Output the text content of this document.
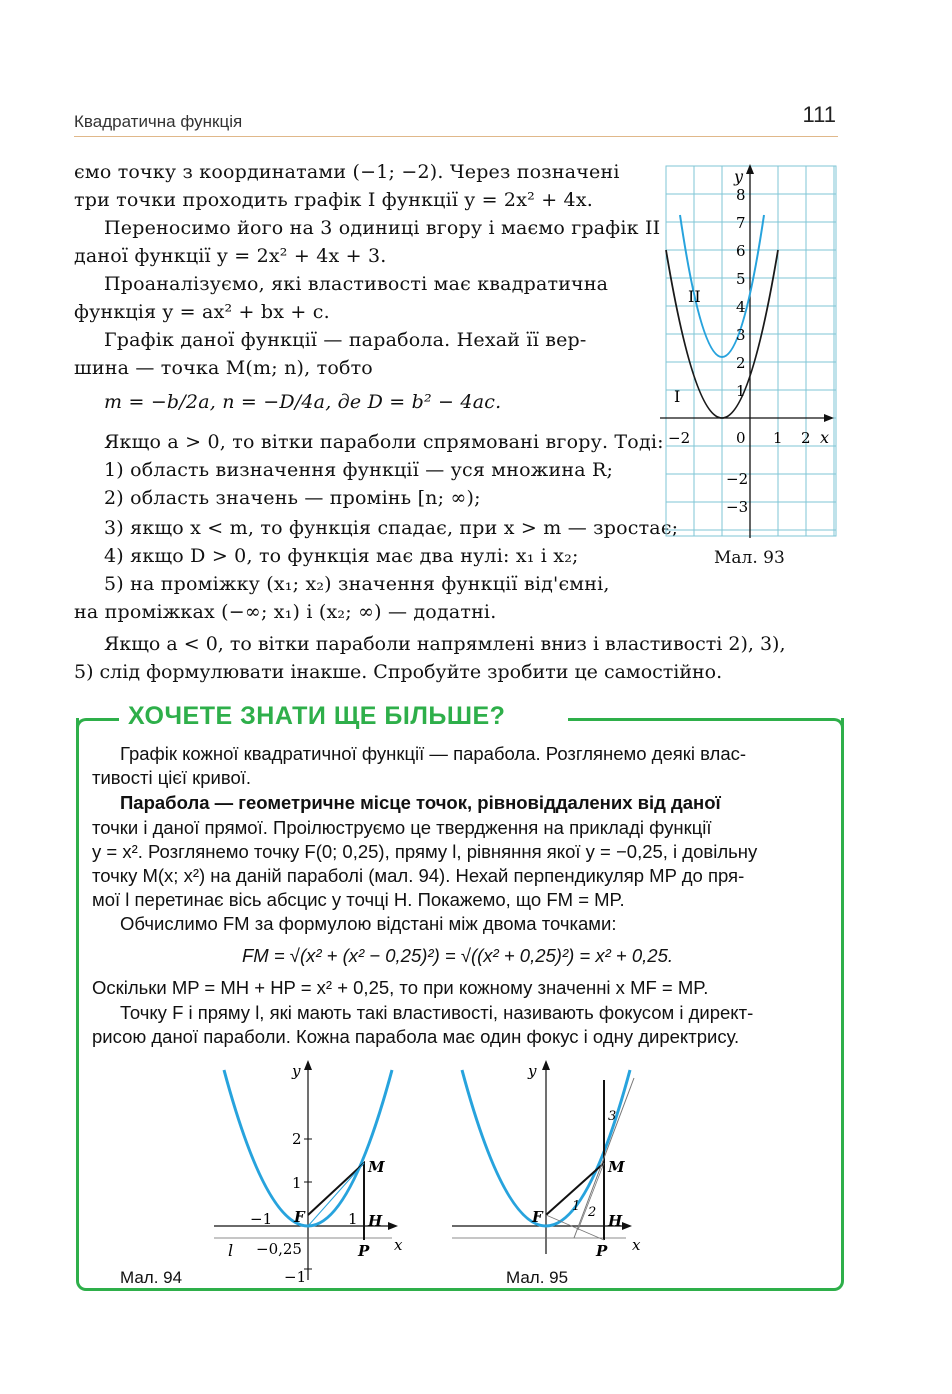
Квадратична функція	111
ємо точку з координатами (−1; −2). Через позначені
три точки проходить графік I функції y = 2x² + 4x.
Переносимо його на 3 одиниці вгору і маємо графік II
даної функції y = 2x² + 4x + 3.
Проаналізуємо, які властивості має квадратична
функція y = ax² + bx + c.
Графік даної функції — парабола. Нехай її вер-
шина — точка M(m; n), тобто
m = −b/2a, n = −D/4a, де D = b² − 4ac.
Якщо a > 0, то вітки параболи спрямовані вгору. Тоді:
1) область визначення функції — уся множина R;
2) область значень — промінь [n; ∞);
3) якщо x < m, то функція спадає, при x > m — зростає;
4) якщо D > 0, то функція має два нулі: x₁ і x₂;
5) на проміжку (x₁; x₂) значення функції від'ємні,
на проміжках (−∞; x₁) і (x₂; ∞) — додатні.
y
x
8
7
6
5
4
3
2
1
−2
−3
−2	0 1 2
I
II
Мал. 93
Якщо a < 0, то вітки параболи напрямлені вниз і властивості 2), 3),
5) слід формулювати інакше. Спробуйте зробити це самостійно.
ХОЧЕТЕ ЗНАТИ ЩЕ БІЛЬШЕ?
Графік кожної квадратичної функції — парабола. Розглянемо деякі влас-
тивості цієї кривої.
Парабола — геометричне місце точок, рівновіддалених від даної
точки і даної прямої. Проілюструємо це твердження на прикладі функції
y = x². Розглянемо точку F(0; 0,25), пряму l, рівняння якої y = −0,25, і довільну
точку M(x; x²) на даній параболі (мал. 94). Нехай перпендикуляр MP до пря-
мої l перетинає вісь абсцис у точці H. Покажемо, що FM = MP.
Обчислимо FM за формулою відстані між двома точками:
FM = √(x² + (x² − 0,25)²) = √((x² + 0,25)²) = x² + 0,25.
Оскільки MP = MH + HP = x² + 0,25, то при кожному значенні x MF = MP.
Точку F і пряму l, які мають такі властивості, називають фокусом і директ-
рисою даної параболи. Кожна парабола має один фокус і одну директрису.
y
x
2
1
−1	1
−0,25
−1
l
F
M
H
P
Мал. 94
y
x
F
M
H
P
1 2
3
Мал. 95
